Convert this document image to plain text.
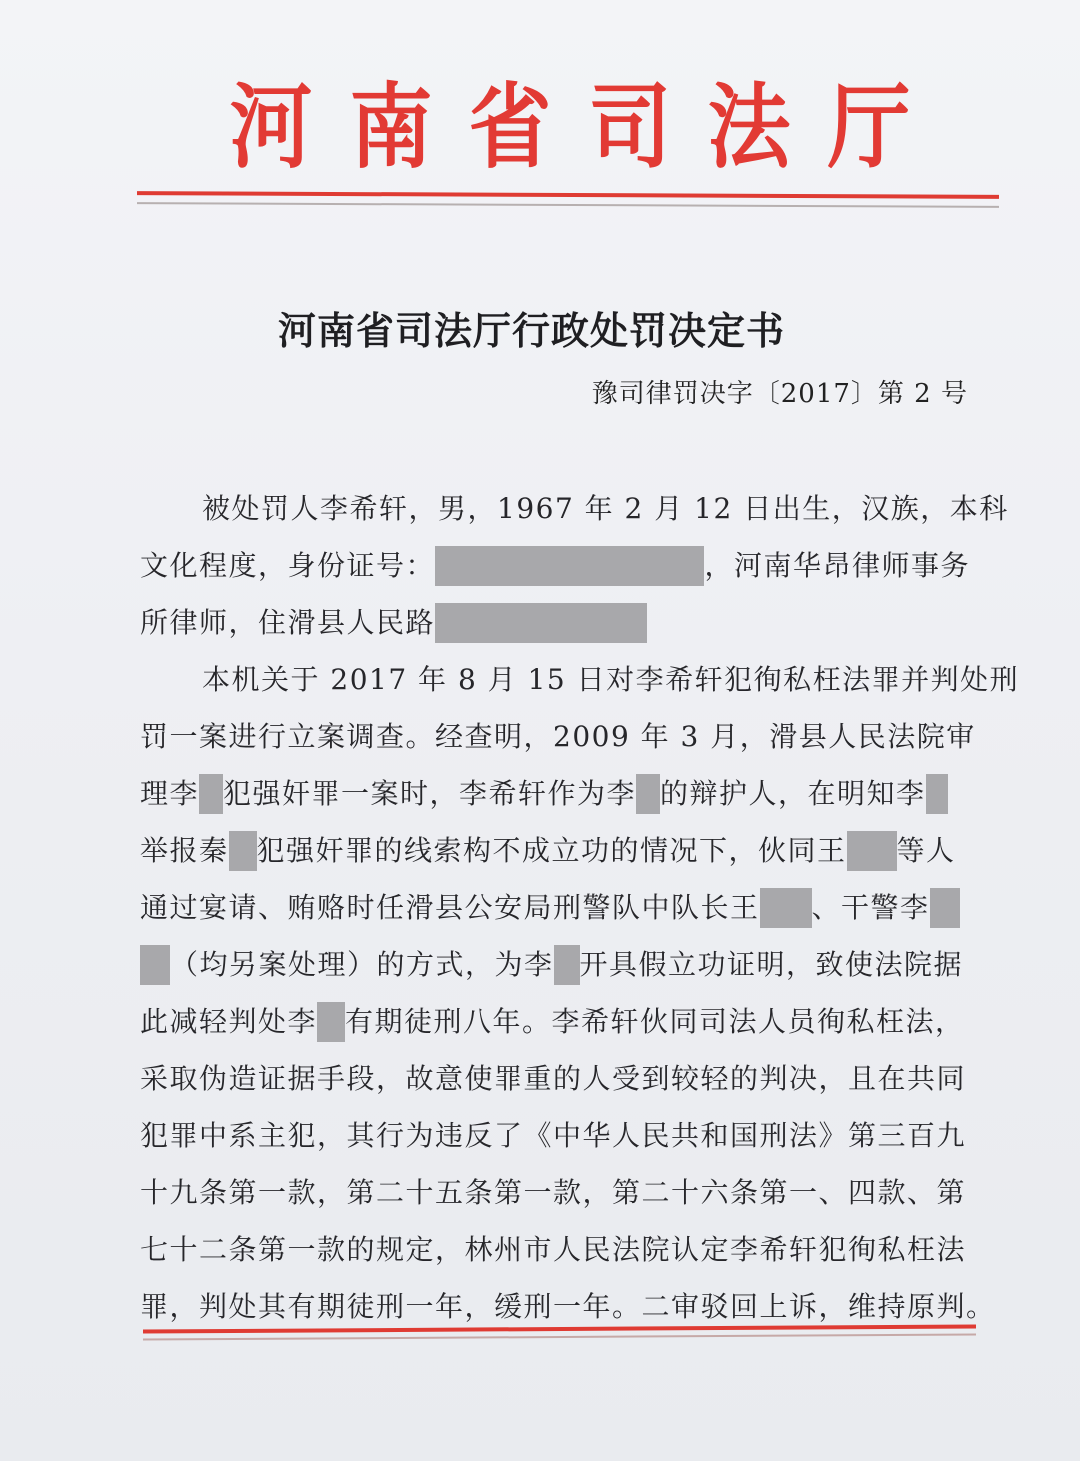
河 南 省 司 法 厅
河南省司法厅行政处罚决定书
豫司律罚决字〔2017〕第 2 号
被处罚人李希轩，男，1967 年 2 月 12 日出生，汉族，本科
文化程度，身份证号：	，河南华昂律师事务
所律师，住滑县人民路
本机关于 2017 年 8 月 15 日对李希轩犯徇私枉法罪并判处刑
罚一案进行立案调查。经查明，2009 年 3 月，滑县人民法院审
理李 犯强奸罪一案时，李希轩作为李 的辩护人，在明知李
举报秦 犯强奸罪的线索构不成立功的情况下，伙同王 等人
通过宴请、贿赂时任滑县公安局刑警队中队长王 、干警李
（均另案处理）的方式，为李 开具假立功证明，致使法院据
此减轻判处李 有期徒刑八年。李希轩伙同司法人员徇私枉法，
采取伪造证据手段，故意使罪重的人受到较轻的判决，且在共同
犯罪中系主犯，其行为违反了《中华人民共和国刑法》第三百九
十九条第一款，第二十五条第一款，第二十六条第一、四款、第
七十二条第一款的规定，林州市人民法院认定李希轩犯徇私枉法
罪，判处其有期徒刑一年，缓刑一年。二审驳回上诉，维持原判。
